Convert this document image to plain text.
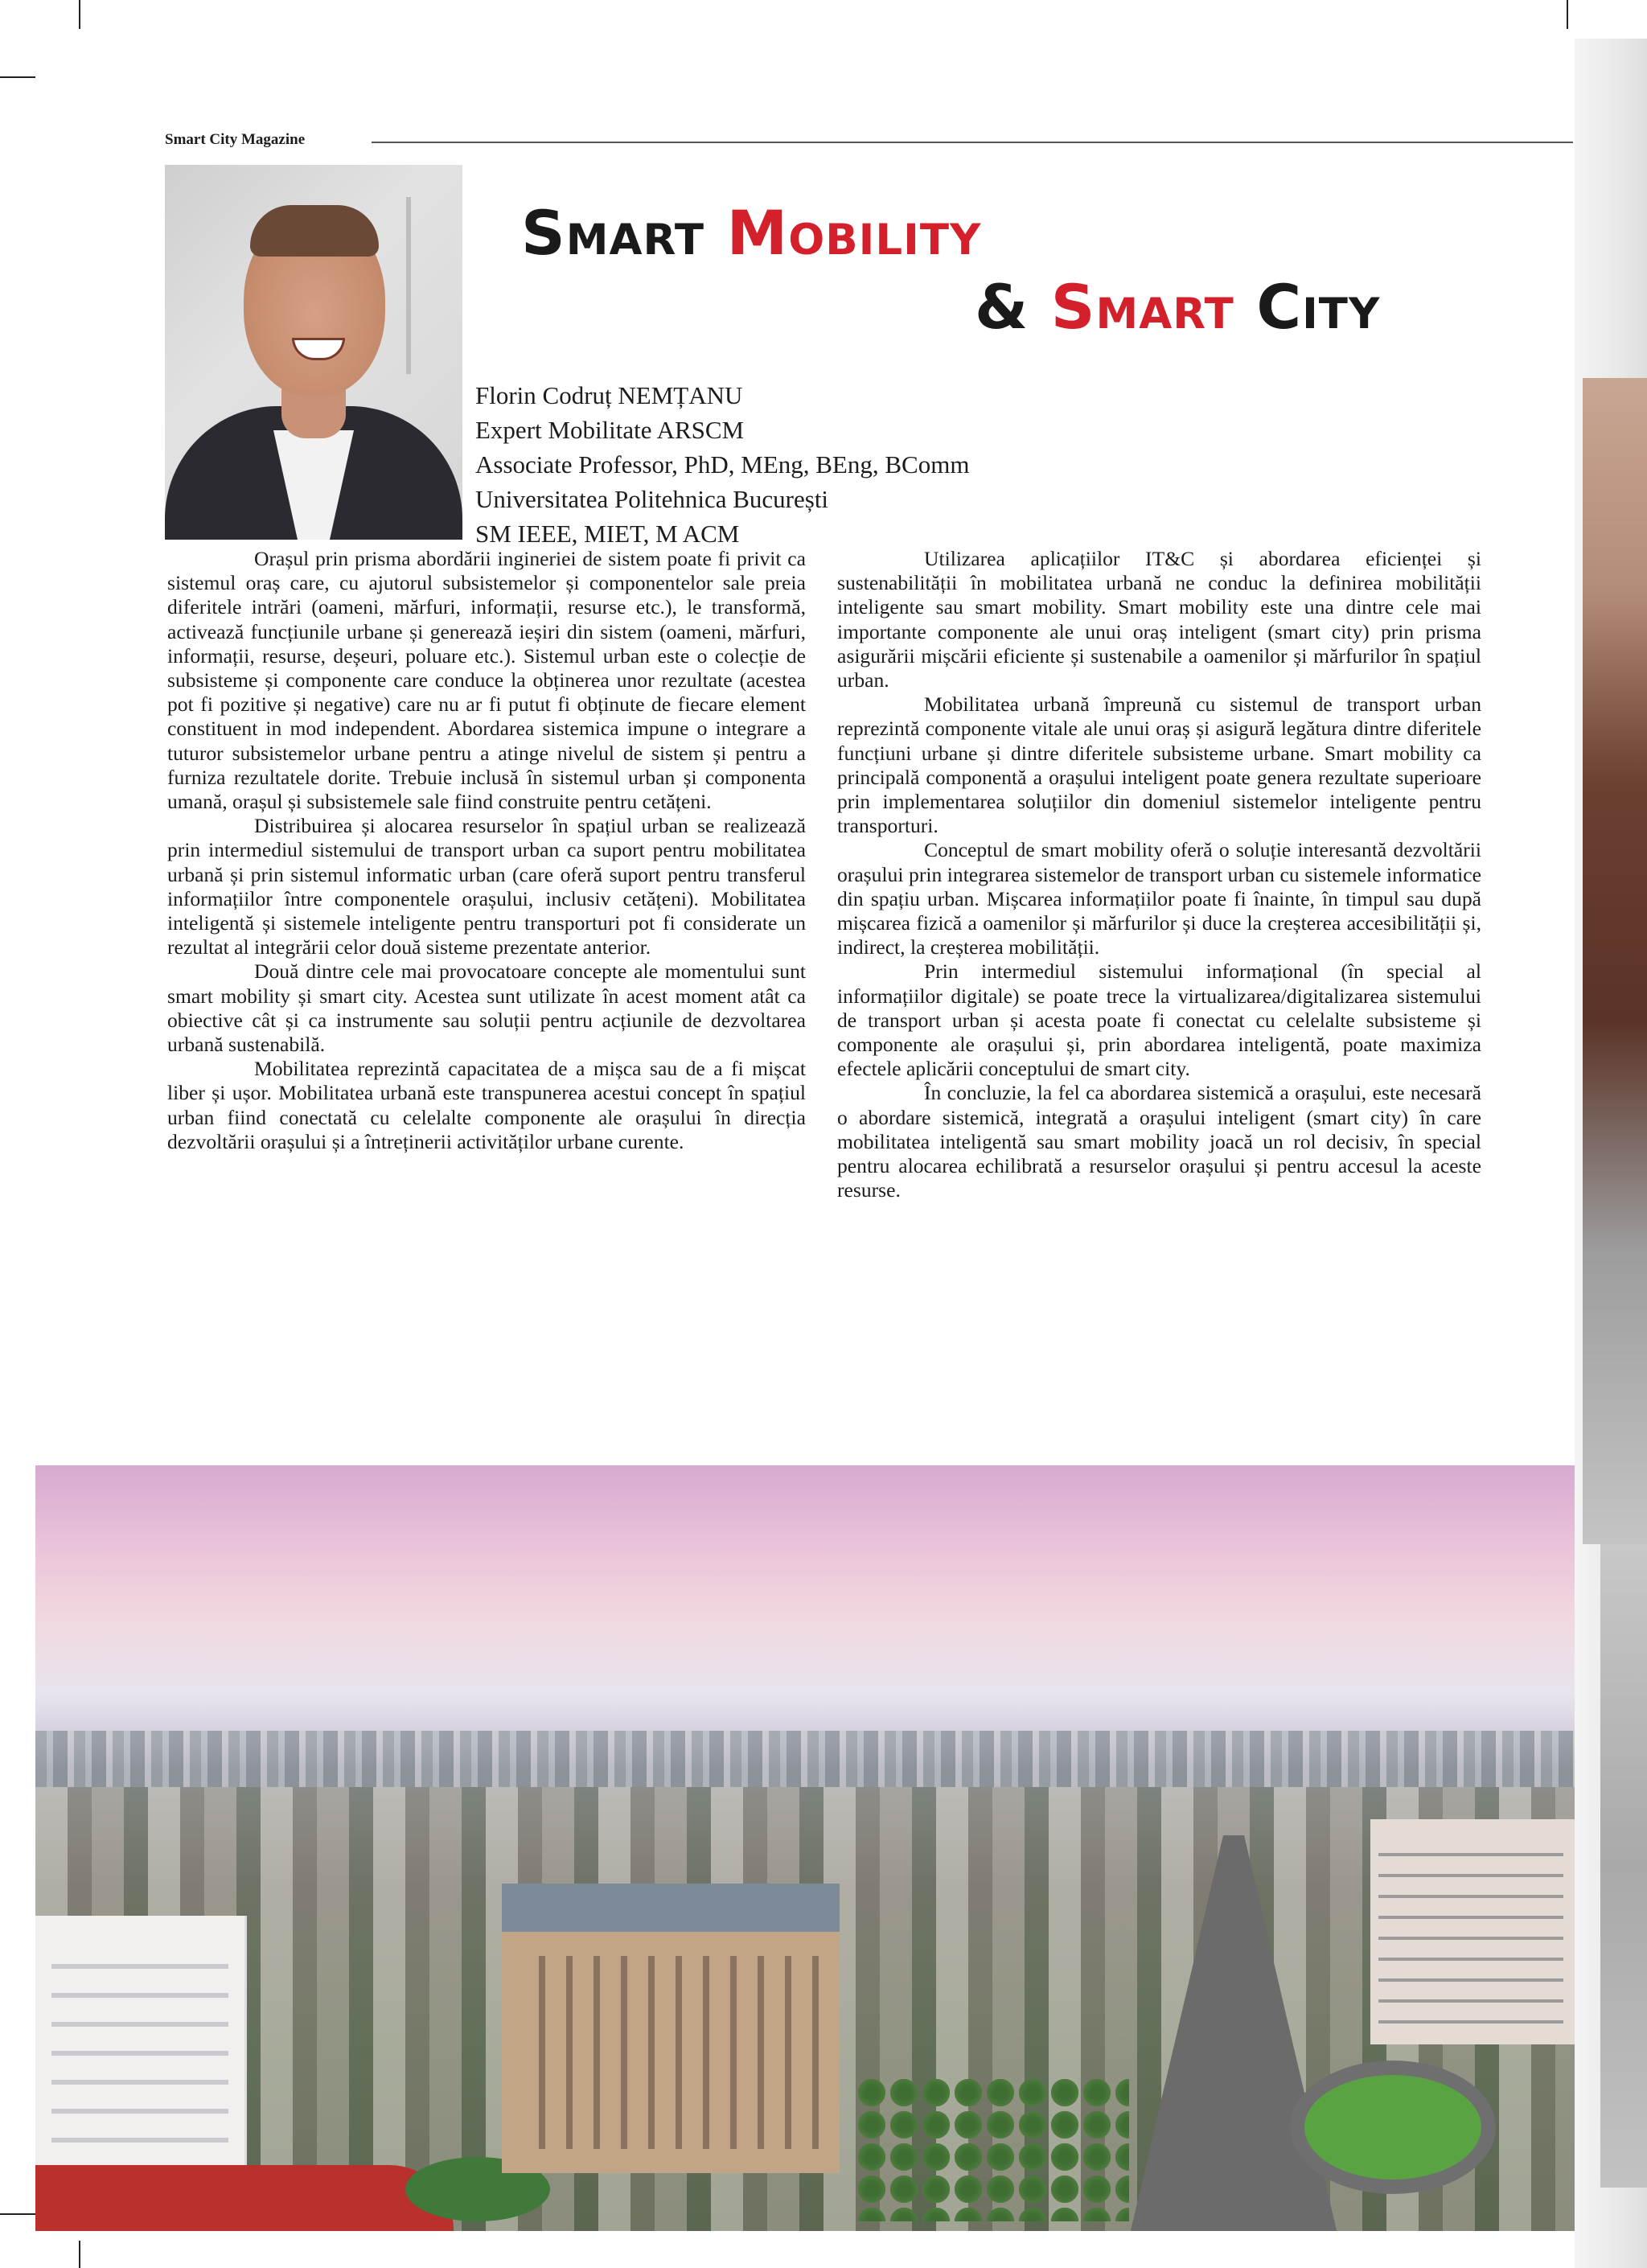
Smart City Magazine
Smart Mobility
& Smart City
Florin Codruț NEMȚANU
Expert Mobilitate ARSCM
Associate Professor, PhD, MEng, BEng, BComm
Universitatea Politehnica București
SM IEEE, MIET, M ACM

Orașul prin prisma abordării ingineriei de sistem poate fi privit ca sistemul oraș care, cu ajutorul subsistemelor și componentelor sale preia diferitele intrări (oameni, mărfuri, informații, resurse etc.), le transformă, activează funcțiunile urbane și generează ieșiri din sistem (oameni, mărfuri, informații, resurse, deșeuri, poluare etc.). Sistemul urban este o colecție de subsisteme și componente care conduce la obținerea unor rezultate (acestea pot fi pozitive și negative) care nu ar fi putut fi obținute de fiecare element constituent in mod independent. Abordarea sistemica impune o integrare a tuturor subsistemelor urbane pentru a atinge nivelul de sistem și pentru a furniza rezultatele dorite. Trebuie inclusă în sistemul urban și componenta umană, orașul și subsistemele sale fiind construite pentru cetățeni.

Distribuirea și alocarea resurselor în spațiul urban se realizează prin intermediul sistemului de transport urban ca suport pentru mobilitatea urbană și prin sistemul informatic urban (care oferă suport pentru transferul informațiilor între componentele orașului, inclusiv cetățeni). Mobilitatea inteligentă și sistemele inteligente pentru transporturi pot fi considerate un rezultat al integrării celor două sisteme prezentate anterior.

Două dintre cele mai provocatoare concepte ale momentului sunt smart mobility și smart city. Acestea sunt utilizate în acest moment atât ca obiective cât și ca instrumente sau soluții pentru acțiunile de dezvoltarea urbană sustenabilă.

Mobilitatea reprezintă capacitatea de a mișca sau de a fi mișcat liber și ușor. Mobilitatea urbană este transpunerea acestui concept în spațiul urban fiind conectată cu celelalte componente ale orașului în direcția dezvoltării orașului și a întreținerii activităților urbane curente.

Utilizarea aplicațiilor IT&C și abordarea eficienței și sustenabilității în mobilitatea urbană ne conduc la definirea mobilității inteligente sau smart mobility. Smart mobility este una dintre cele mai importante componente ale unui oraș inteligent (smart city) prin prisma asigurării mișcării eficiente și sustenabile a oamenilor și mărfurilor în spațiul urban.

Mobilitatea urbană împreună cu sistemul de transport urban reprezintă componente vitale ale unui oraș și asigură legătura dintre diferitele funcțiuni urbane și dintre diferitele subsisteme urbane. Smart mobility ca principală componentă a orașului inteligent poate genera rezultate superioare prin implementarea soluțiilor din domeniul sistemelor inteligente pentru transporturi.

Conceptul de smart mobility oferă o soluție interesantă dezvoltării orașului prin integrarea sistemelor de transport urban cu sistemele informatice din spațiu urban. Mișcarea informațiilor poate fi înainte, în timpul sau după mișcarea fizică a oamenilor și mărfurilor și duce la creșterea accesibilității și, indirect, la creșterea mobilității.

Prin intermediul sistemului informațional (în special al informațiilor digitale) se poate trece la virtualizarea/digitalizarea sistemului de transport urban și acesta poate fi conectat cu celelalte subsisteme și componente ale orașului și, prin abordarea inteligentă, poate maximiza efectele aplicării conceptului de smart city.

În concluzie, la fel ca abordarea sistemică a orașului, este necesară o abordare sistemică, integrată a orașului inteligent (smart city) în care mobilitatea inteligentă sau smart mobility joacă un rol decisiv, în special pentru alocarea echilibrată a resurselor orașului și pentru accesul la aceste resurse.
